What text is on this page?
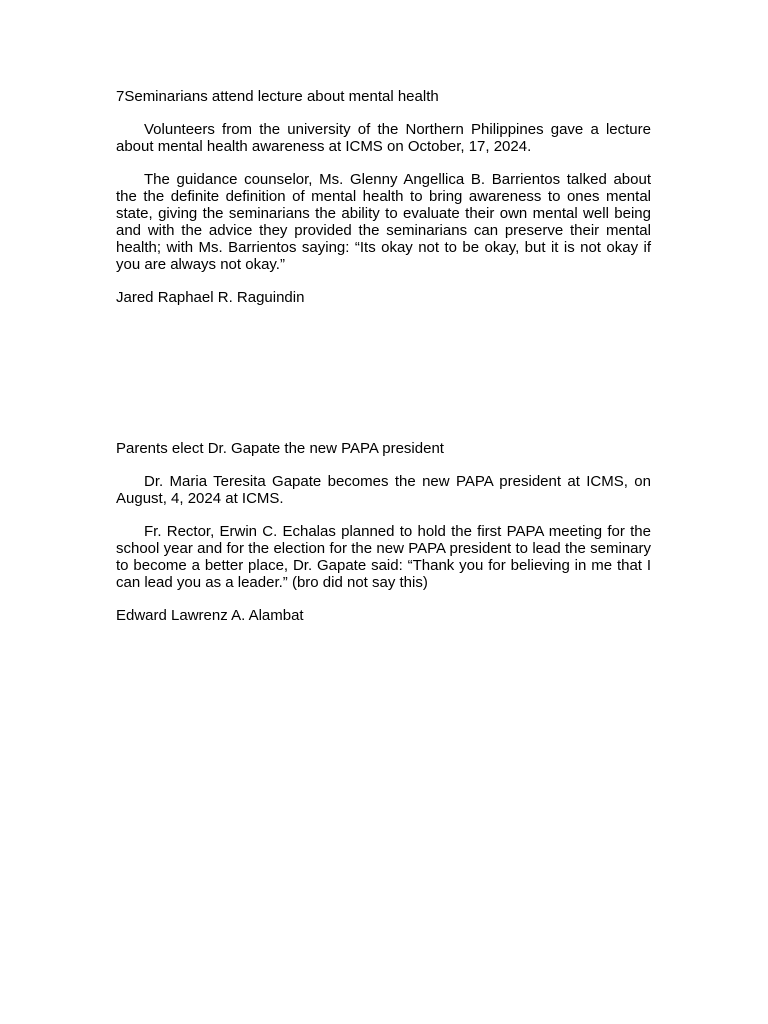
7Seminarians attend lecture about mental health

Volunteers from the university of the Northern Philippines gave a lecture about mental health awareness at ICMS on October, 17, 2024.

The guidance counselor, Ms. Glenny Angellica B. Barrientos talked about the the definite definition of mental health to bring awareness to ones mental state, giving the seminarians the ability to evaluate their own mental well being and with the advice they provided the seminarians can preserve their mental health; with Ms. Barrientos saying: “Its okay not to be okay, but it is not okay if you are always not okay.”

Jared Raphael R. Raguindin

Parents elect Dr. Gapate the new PAPA president

Dr. Maria Teresita Gapate becomes the new PAPA president at ICMS, on August, 4, 2024 at ICMS.

Fr. Rector, Erwin C. Echalas planned to hold the first PAPA meeting for the school year and for the election for the new PAPA president to lead the seminary to become a better place, Dr. Gapate said: “Thank you for believing in me that I can lead you as a leader.” (bro did not say this)

Edward Lawrenz A. Alambat
